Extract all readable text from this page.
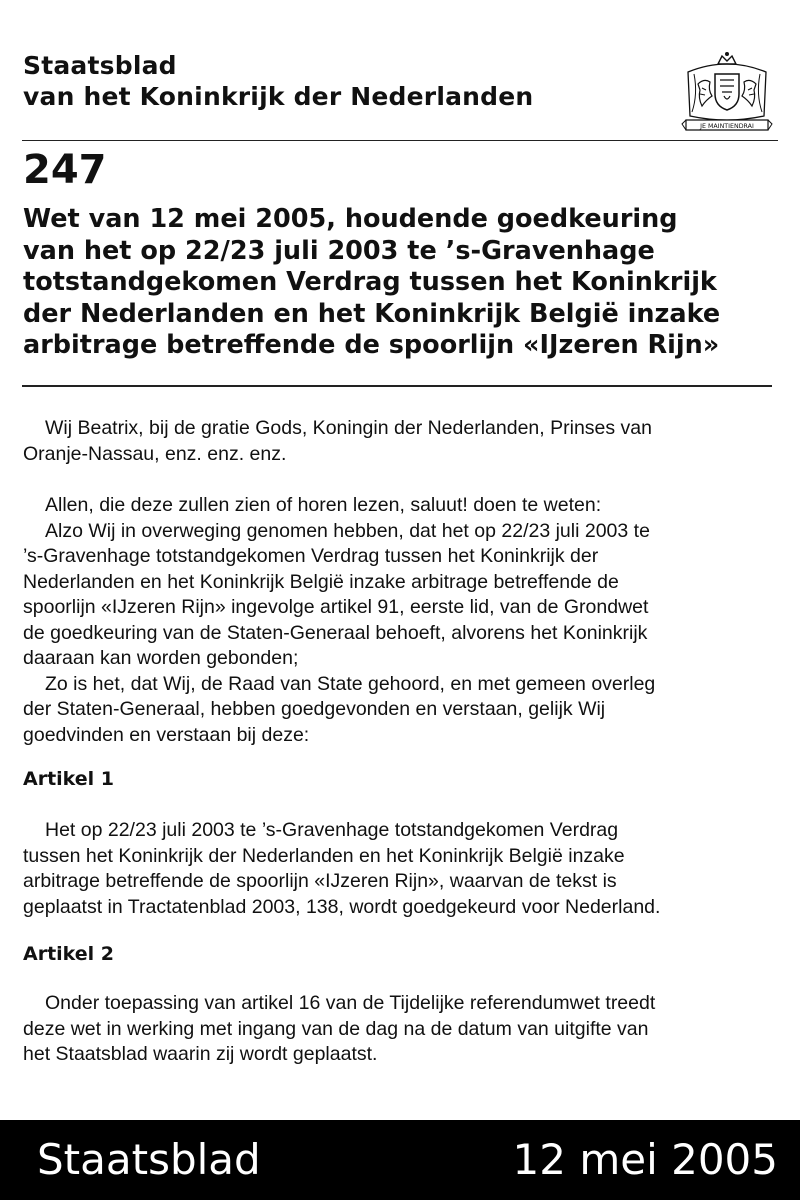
Staatsblad
van het Koninkrijk der Nederlanden
JE MAINTIENDRAI
247
Wet van 12 mei 2005, houdende goedkeuring
van het op 22/23 juli 2003 te ’s-Gravenhage
totstandgekomen Verdrag tussen het Koninkrijk
der Nederlanden en het Koninkrijk België inzake
arbitrage betreffende de spoorlijn «IJzeren Rijn»

Wij Beatrix, bij de gratie Gods, Koningin der Nederlanden, Prinses van

Oranje-Nassau, enz. enz. enz.

Allen, die deze zullen zien of horen lezen, saluut! doen te weten:

Alzo Wij in overweging genomen hebben, dat het op 22/23 juli 2003 te

’s-Gravenhage totstandgekomen Verdrag tussen het Koninkrijk der

Nederlanden en het Koninkrijk België inzake arbitrage betreffende de

spoorlijn «IJzeren Rijn» ingevolge artikel 91, eerste lid, van de Grondwet

de goedkeuring van de Staten-Generaal behoeft, alvorens het Koninkrijk

daaraan kan worden gebonden;

Zo is het, dat Wij, de Raad van State gehoord, en met gemeen overleg

der Staten-Generaal, hebben goedgevonden en verstaan, gelijk Wij

goedvinden en verstaan bij deze:

Artikel 1

Het op 22/23 juli 2003 te ’s-Gravenhage totstandgekomen Verdrag

tussen het Koninkrijk der Nederlanden en het Koninkrijk België inzake

arbitrage betreffende de spoorlijn «IJzeren Rijn», waarvan de tekst is

geplaatst in Tractatenblad 2003, 138, wordt goedgekeurd voor Nederland.

Artikel 2

Onder toepassing van artikel 16 van de Tijdelijke referendumwet treedt

deze wet in werking met ingang van de dag na de datum van uitgifte van

het Staatsblad waarin zij wordt geplaatst.

Staatsblad	12 mei 2005
